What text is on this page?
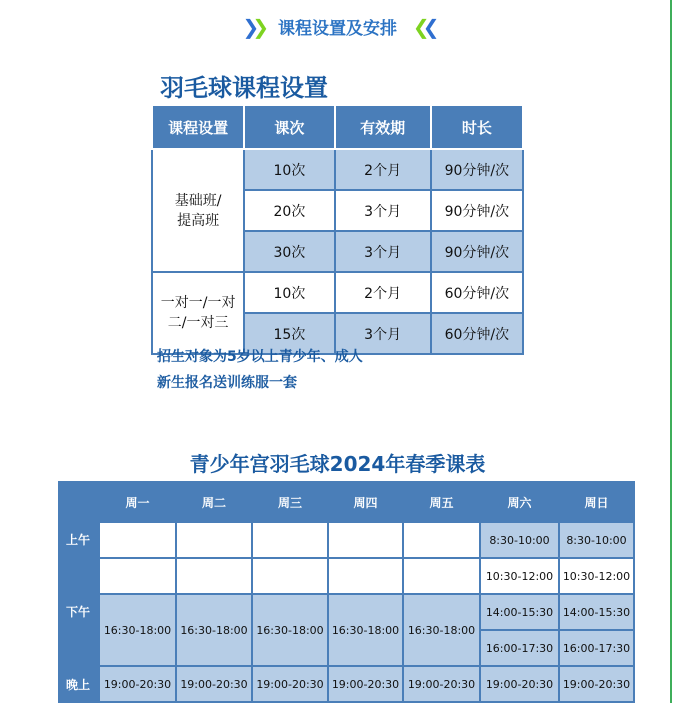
❯❯ 课程设置及安排 ❮❮
羽毛球课程设置
课程设置	课次	有效期	时长
基础班/
提高班	10次	2个月	90分钟/次
	20次	3个月	90分钟/次
	30次	3个月	90分钟/次
一对一/一对
二/一对三	10次	2个月	60分钟/次
	15次	3个月	60分钟/次
招生对象为5岁以上青少年、成人
新生报名送训练服一套
青少年宫羽毛球2024年春季课表
	周一	周二	周三	周四	周五	周六	周日
上午						8:30-10:00	8:30-10:00
						10:30-12:00	10:30-12:00
下午	16:30-18:00	16:30-18:00	16:30-18:00	16:30-18:00	16:30-18:00	14:00-15:30	14:00-15:30
						16:00-17:30	16:00-17:30
晚上	19:00-20:30	19:00-20:30	19:00-20:30	19:00-20:30	19:00-20:30	19:00-20:30	19:00-20:30
